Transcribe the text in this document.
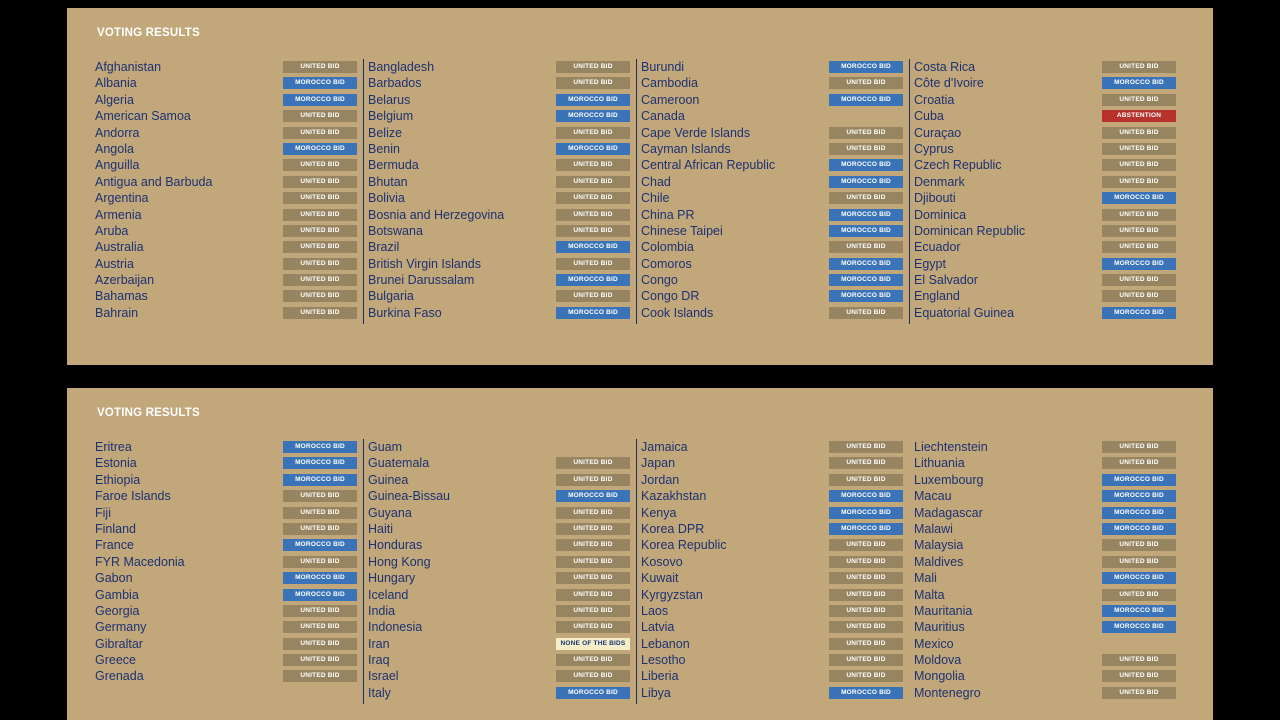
VOTING RESULTS
Afghanistan	UNITED BID
Albania	MOROCCO BID
Algeria	MOROCCO BID
American Samoa	UNITED BID
Andorra	UNITED BID
Angola	MOROCCO BID
Anguilla	UNITED BID
Antigua and Barbuda	UNITED BID
Argentina	UNITED BID
Armenia	UNITED BID
Aruba	UNITED BID
Australia	UNITED BID
Austria	UNITED BID
Azerbaijan	UNITED BID
Bahamas	UNITED BID
Bahrain	UNITED BID
Bangladesh	UNITED BID
Barbados	UNITED BID
Belarus	MOROCCO BID
Belgium	MOROCCO BID
Belize	UNITED BID
Benin	MOROCCO BID
Bermuda	UNITED BID
Bhutan	UNITED BID
Bolivia	UNITED BID
Bosnia and Herzegovina	UNITED BID
Botswana	UNITED BID
Brazil	MOROCCO BID
British Virgin Islands	UNITED BID
Brunei Darussalam	MOROCCO BID
Bulgaria	UNITED BID
Burkina Faso	MOROCCO BID
Burundi	MOROCCO BID
Cambodia	UNITED BID
Cameroon	MOROCCO BID
Canada
Cape Verde Islands	UNITED BID
Cayman Islands	UNITED BID
Central African Republic	MOROCCO BID
Chad	MOROCCO BID
Chile	UNITED BID
China PR	MOROCCO BID
Chinese Taipei	MOROCCO BID
Colombia	UNITED BID
Comoros	MOROCCO BID
Congo	MOROCCO BID
Congo DR	MOROCCO BID
Cook Islands	UNITED BID
Costa Rica	UNITED BID
Côte d'Ivoire	MOROCCO BID
Croatia	UNITED BID
Cuba	ABSTENTION
Curaçao	UNITED BID
Cyprus	UNITED BID
Czech Republic	UNITED BID
Denmark	UNITED BID
Djibouti	MOROCCO BID
Dominica	UNITED BID
Dominican Republic	UNITED BID
Ecuador	UNITED BID
Egypt	MOROCCO BID
El Salvador	UNITED BID
England	UNITED BID
Equatorial Guinea	MOROCCO BID
VOTING RESULTS
Eritrea	MOROCCO BID
Estonia	MOROCCO BID
Ethiopia	MOROCCO BID
Faroe Islands	UNITED BID
Fiji	UNITED BID
Finland	UNITED BID
France	MOROCCO BID
FYR Macedonia	UNITED BID
Gabon	MOROCCO BID
Gambia	MOROCCO BID
Georgia	UNITED BID
Germany	UNITED BID
Gibraltar	UNITED BID
Greece	UNITED BID
Grenada	UNITED BID
Guam
Guatemala	UNITED BID
Guinea	UNITED BID
Guinea-Bissau	MOROCCO BID
Guyana	UNITED BID
Haiti	UNITED BID
Honduras	UNITED BID
Hong Kong	UNITED BID
Hungary	UNITED BID
Iceland	UNITED BID
India	UNITED BID
Indonesia	UNITED BID
Iran	NONE OF THE BIDS
Iraq	UNITED BID
Israel	UNITED BID
Italy	MOROCCO BID
Jamaica	UNITED BID
Japan	UNITED BID
Jordan	UNITED BID
Kazakhstan	MOROCCO BID
Kenya	MOROCCO BID
Korea DPR	MOROCCO BID
Korea Republic	UNITED BID
Kosovo	UNITED BID
Kuwait	UNITED BID
Kyrgyzstan	UNITED BID
Laos	UNITED BID
Latvia	UNITED BID
Lebanon	UNITED BID
Lesotho	UNITED BID
Liberia	UNITED BID
Libya	MOROCCO BID
Liechtenstein	UNITED BID
Lithuania	UNITED BID
Luxembourg	MOROCCO BID
Macau	MOROCCO BID
Madagascar	MOROCCO BID
Malawi	MOROCCO BID
Malaysia	UNITED BID
Maldives	UNITED BID
Mali	MOROCCO BID
Malta	UNITED BID
Mauritania	MOROCCO BID
Mauritius	MOROCCO BID
Mexico
Moldova	UNITED BID
Mongolia	UNITED BID
Montenegro	UNITED BID
